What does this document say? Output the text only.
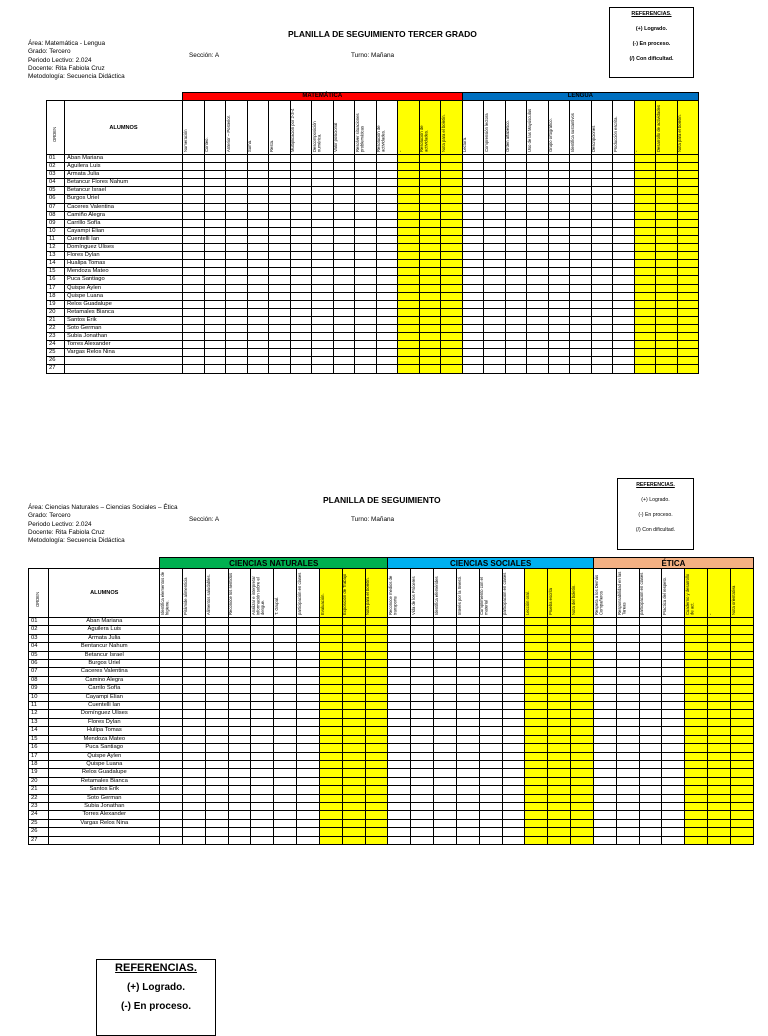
PLANILLA DE SEGUIMIENTO TERCER GRADO
Área: Matemática - Lengua
Grado: Tercero
Periodo Lectivo: 2.024
Docente: Rita Fabiola Cruz
Metodología: Secuencia Didáctica
Sección: A	Turno: Mañana
REFERENCIAS.
(+) Logrado.
(-) En proceso.
(/) Con dificultad.
		MATEMÁTICA													LENGUA										

ORDEN	ALUMNOS	Numeración	Conteo.	Anterior – Posterior.	Suma.	Resta.	Multiplicación por 2-3-4	Descomposición numérica.	Valor posicional	Resolver situaciones problemáticas	Resolución de actividades.	-	Resolución de actividades.	Nota para el boletín.	Lectura.	Comprensión lectora	Orden alfabético.	Uso de las Mayúsculas	Grupo ortográfico.	Identifica sustantivos	Descripciones	Producción escrita.	-	Desarrollo de actividades	Nota para el boletín.

01	Aban Mariana																								
02	Aguilera Luis																								
03	Armata Julia																								
04	Betancur Flores Nahum																								
05	Betancur Israel																								
06	Burgos Uriel																								
07	Caceres Valentina																								
08	Camiño Alegra																								
09	Carrillo Sofía																								
10	Cayampi Elian																								
11	Cuentelli Ian																								
12	Domínguez Ulises																								
13	Flores Dylan																								
14	Hualipa Tomas																								
15	Mendoza Mateo																								
16	Puca Santiago																								
17	Quispe Aylen																								
18	Quispe Luana																								
19	Relos Guadalupe																								
20	Retamales Bianca																								
21	Santos Erik																								
22	Soto German																								
23	Subia Jonathan																								
24	Torres Alexander																								
25	Vargas Relos Nina																								
26																									
27																									
PLANILLA DE SEGUIMIENTO
Área: Ciencias Naturales – Ciencias Sociales – Ética
Grado: Tercero
Periodo Lectivo: 2.024
Docente: Rita Fabiola Cruz
Metodología: Secuencia Didáctica
Sección: A	Turno: Mañana
REFERENCIAS.
(+) Logrado.
(-) En proceso.
(/) Con dificultad.
		CIENCIAS NATURALES										CIENCIAS SOCIALES									ÉTICA						

ORDEN	ALUMNOS	Identifica elementos de higiene.	Pirámide alimenticia	Alimentos saludables.	Reconoce los sentidos	Analizar e interpretar información sobre el dengue.	T. Grupal.	participación en clases	Evaluación.	Exposición de Trabajo	Nota para el boletín.	Reconoce medios de transporte	Vida de los Próceres	Identifica efemérides	Interés por la Investi.	Cumplimiento con el material	participación en clases	Lección oral.	Prueba escrita	Nota del boletín.	Respeta a los Demás Compañeros	Responsabilidad en las Tareas	participación en clases	Practica del respeto.	Cuaderno y desarrollo de act.	-	Nota orientativa

01	Aban Mariana																										
02	Aguilera Luis																										
03	Armata Julia																										
04	Bentancur Nahum																										
05	Betancur Israel																										
06	Burgos Uriel																										
07	Caceres Valentina																										
08	Camino Alegra																										
09	Carrilo Sofía																										
10	Cayampi Elian																										
11	Cuentelli Ian																										
12	Domínguez Ulises																										
13	Flores Dylan																										
14	Hulipa Tomas																										
15	Mendoza Mateo																										
16	Puca Santiago																										
17	Quispe Aylen																										
18	Quispe Luana																										
19	Relos Guadalupe																										
20	Retamales Bianca																										
21	Santos Erik																										
22	Soto German																										
23	Subia Jonathan																										
24	Torres Alexander																										
25	Vargas Relos Nina																										
26																											
27																											
REFERENCIAS.
(+) Logrado.
(-) En proceso.
